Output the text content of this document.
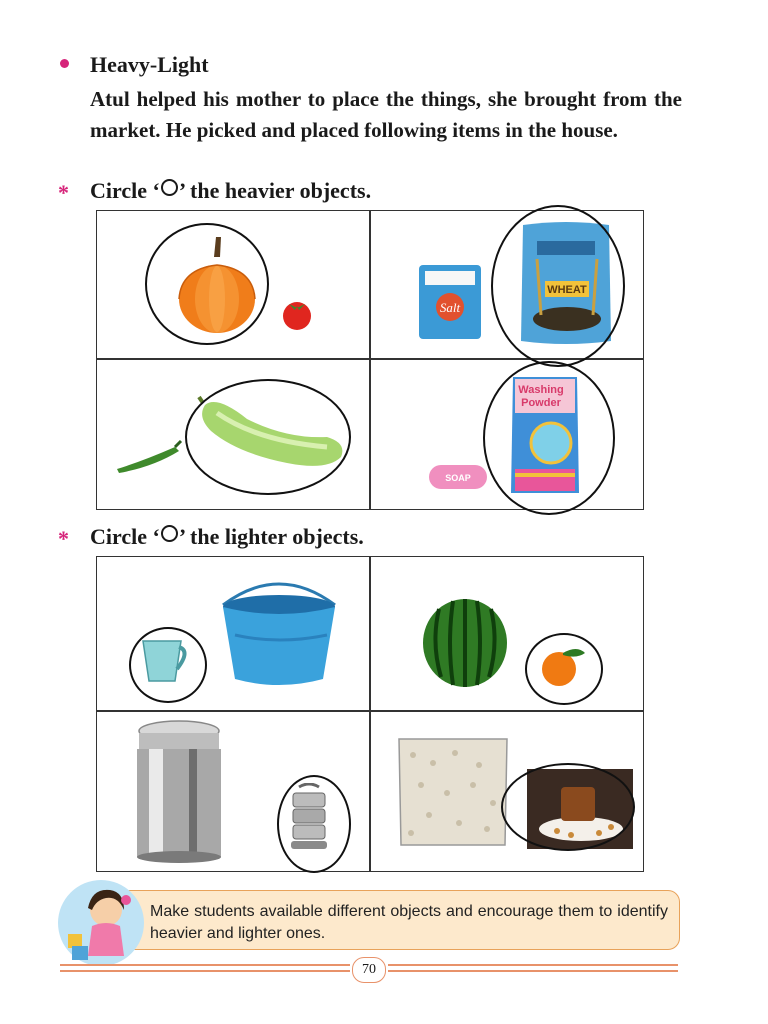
Heavy-Light
Atul helped his mother to place the things, she brought from the market. He picked and placed following items in the house.
* Circle ‘ ’ the heavier objects.
Salt
WHEAT
SOAP
Washing
Powder
* Circle ‘ ’ the lighter objects.
Make students available different objects and encourage them to identify heavier and lighter ones.
70
